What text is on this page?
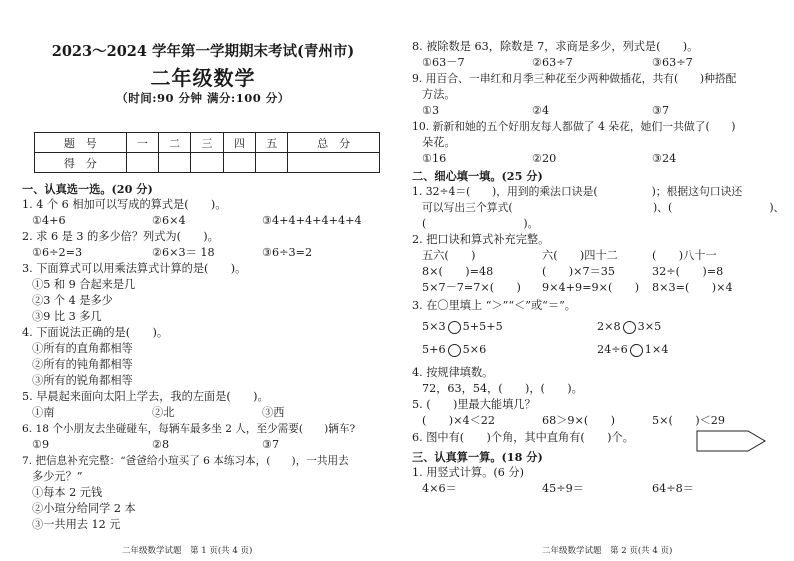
2023～2024 学年第一学期期末考试(青州市)
二年级数学
（时间:90 分钟 满分:100 分）
题　号	一	二	三	四	五	总　分
得　分						
一、认真选一选。(20 分)
1. 4 个 6 相加可以写成的算式是(　　)。
①4+6	②6×4	③4+4+4+4+4+4
2. 求 6 是 3 的多少倍？列式为(　　)。
①6÷2=3	②6×3＝ 18	③6÷3=2
3. 下面算式可以用乘法算式计算的是(　　)。
①5 和 9 合起来是几
②3 个 4 是多少
③9 比 3 多几
4. 下面说法正确的是(　　)。
①所有的直角都相等
②所有的钝角都相等
③所有的锐角都相等
5. 早晨起来面向太阳上学去，我的左面是(　　)。
①南	②北	③西
6. 18 个小朋友去坐碰碰车，每辆车最多坐 2 人，至少需要(　　)辆车?
①9	②8	③7
7. 把信息补充完整：“爸爸给小瑄买了 6 本练习本，(　　)，一共用去
多少元？”
①每本 2 元钱
②小瑄分给同学 2 本
③一共用去 12 元
二年级数学试题　第 1 页(共 4 页)
8. 被除数是 63，除数是 7，求商是多少，列式是(　　)。
①63－7	②63÷7	③63÷7
9. 用百合、一串红和月季三种花至少两种做插花，共有(　　)种搭配
方法。
①3	②4	③7
10. 新新和她的五个好朋友每人都做了 4 朵花，她们一共做了(　　)
朵花。
①16	②20	③24
二、细心填一填。(25 分)
1. 32÷4＝(　　)，用到的乘法口诀是(　　　　　)；根据这句口诀还
可以写出三个算式(　　　　　　　　　　　　　)、(　　　　　　　　　)、
(　　　　　　　　　)。
2. 把口诀和算式补充完整。
五六(　　)	六(　　)四十二	(　　)八十一
8×(　　)=48	(　　)×7＝35	32÷(　　)=8
5×7－7=7×(　　) 9×4+9=9×(　　) 8×3=(　　)×4
3. 在〇里填上 “＞”“＜”或“＝”。
5×3 5+5+5	2×8 3×5
5+6 5×6	24÷6 1×4
4. 按规律填数。
72，63，54，(　　)，(　　)。
5. (　　)里最大能填几？
(　　)×4＜22	68＞9×(　　)	5×(　　)＜29
6. 图中有(　　)个角，其中直角有(　　)个。
三、认真算一算。(18 分)
1. 用竖式计算。(6 分)
4×6＝	45÷9＝	64÷8＝
二年级数学试题　第 2 页(共 4 页)
